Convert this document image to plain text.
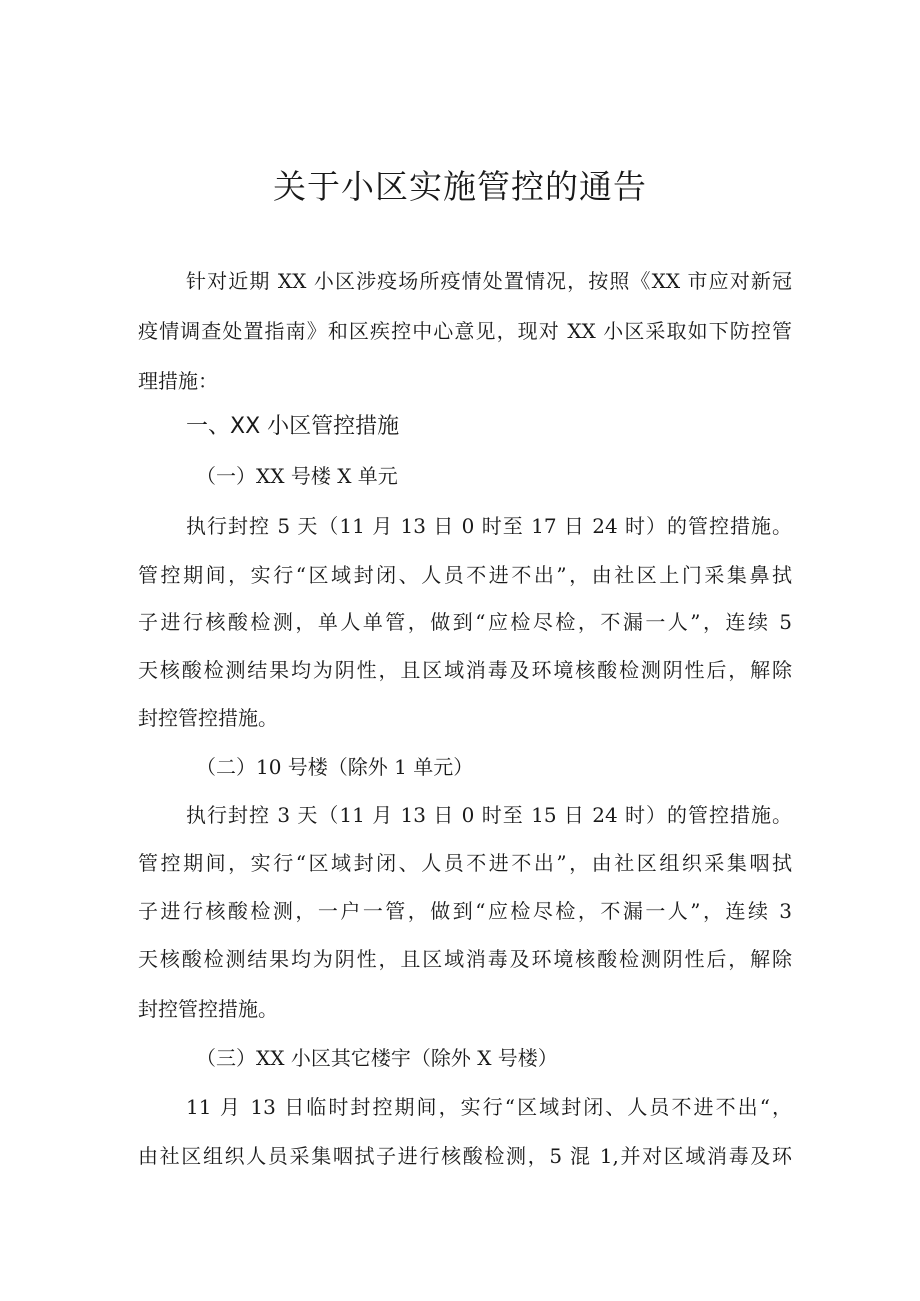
关于小区实施管控的通告

针对近期 XX 小区涉疫场所疫情处置情况，按照《XX 市应对新冠

疫情调查处置指南》和区疾控中心意见，现对 XX 小区采取如下防控管

理措施：

一、XX 小区管控措施

（一）XX 号楼 X 单元

执行封控 5 天（11 月 13 日 0 时至 17 日 24 时）的管控措施。

管控期间，实行“区域封闭、人员不进不出”，由社区上门采集鼻拭

子进行核酸检测，单人单管，做到“应检尽检，不漏一人”，连续 5

天核酸检测结果均为阴性，且区域消毒及环境核酸检测阴性后，解除

封控管控措施。

（二）10 号楼（除外 1 单元）

执行封控 3 天（11 月 13 日 0 时至 15 日 24 时）的管控措施。

管控期间，实行“区域封闭、人员不进不出”，由社区组织采集咽拭

子进行核酸检测，一户一管，做到“应检尽检，不漏一人”，连续 3

天核酸检测结果均为阴性，且区域消毒及环境核酸检测阴性后，解除

封控管控措施。

（三）XX 小区其它楼宇（除外 X 号楼）

11 月 13 日临时封控期间，实行“区域封闭、人员不进不出“，

由社区组织人员采集咽拭子进行核酸检测，5 混 1,并对区域消毒及环
